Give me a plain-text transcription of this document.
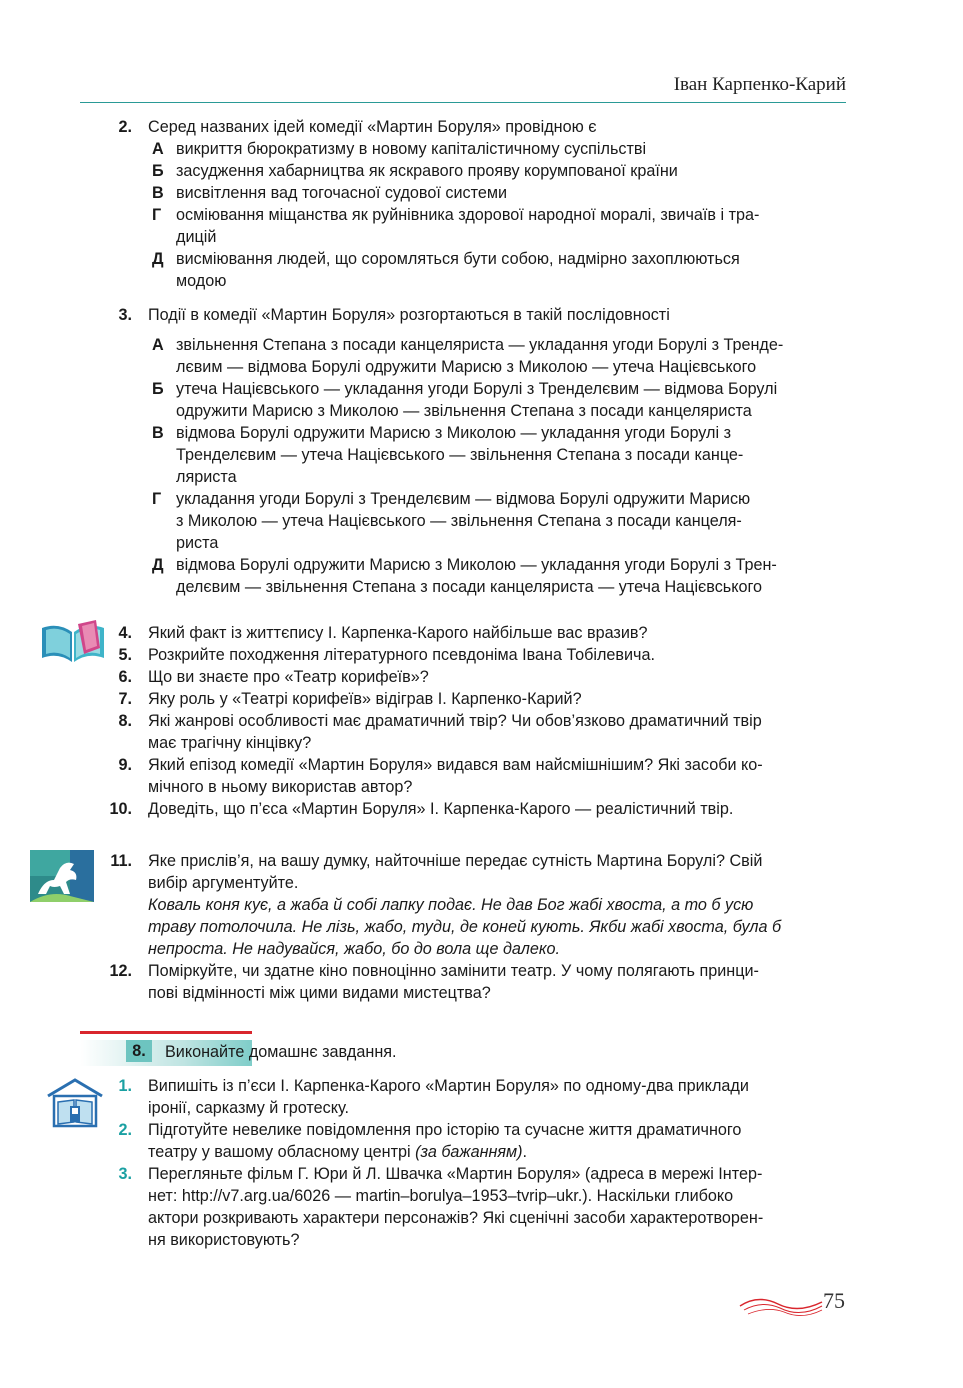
Іван Карпенко-Карий
2. Серед названих ідей комедії «Мартин Боруля» провідною є
А викриття бюрократизму в новому капіталістичному суспільстві
Б засудження хабарництва як яскравого прояву корумпованої країни
В висвітлення вад тогочасної судової системи
Г осміювання міщанства як руйнівника здорової народної моралі, звичаїв і тра-
дицій
Д висміювання людей, що соромляться бути собою, надмірно захоплюються
модою
3. Події в комедії «Мартин Боруля» розгортаються в такій послідовності
А звільнення Степана з посади канцеляриста — укладання угоди Борулі з Тренде-
лєвим — відмова Борулі одружити Марисю з Миколою — утеча Націєвського
Б утеча Націєвського — укладання угоди Борулі з Тренделєвим — відмова Борулі
одружити Марисю з Миколою — звільнення Степана з посади канцеляриста
В відмова Борулі одружити Марисю з Миколою — укладання угоди Борулі з
Тренделєвим — утеча Націєвського — звільнення Степана з посади канце-
ляриста
Г укладання угоди Борулі з Тренделєвим — відмова Борулі одружити Марисю
з Миколою — утеча Націєвського — звільнення Степана з посади канцеля-
риста
Д відмова Борулі одружити Марисю з Миколою — укладання угоди Борулі з Трен-
делєвим — звільнення Степана з посади канцеляриста — утеча Націєвського
4. Який факт із життєпису І. Карпенка-Карого найбільше вас вразив?
5. Розкрийте походження літературного псевдоніма Івана Тобілевича.
6. Що ви знаєте про «Театр корифеїв»?
7. Яку роль у «Театрі корифеїв» відіграв І. Карпенко-Карий?
8. Які жанрові особливості має драматичний твір? Чи обов’язково драматичний твір
має трагічну кінцівку?
9. Який епізод комедії «Мартин Боруля» видався вам найсмішнішим? Які засоби ко-
мічного в ньому використав автор?
10. Доведіть, що п’єса «Мартин Боруля» І. Карпенка-Карого — реалістичний твір.
11. Яке прислів’я, на вашу думку, найточніше передає сутність Мартина Борулі? Свій
вибір аргументуйте.
Коваль коня кує, а жаба й собі лапку подає. Не дав Бог жабі хвоста, а то б усю
траву потолочила. Не лізь, жабо, туди, де коней кують. Якби жабі хвоста, була б
непроста. Не надувайся, жабо, бо до вола ще далеко.
12. Поміркуйте, чи здатне кіно повноцінно замінити театр. У чому полягають принци-
пові відмінності між цими видами мистецтва?
8.	Виконайте домашнє завдання.
1. Випишіть із п’єси І. Карпенка-Карого «Мартин Боруля» по одному-два приклади
іронії, сарказму й гротеску.
2. Підготуйте невелике повідомлення про історію та сучасне життя драматичного
театру у вашому обласному центрі (за бажанням).
3. Перегляньте фільм Г. Юри й Л. Швачка «Мартин Боруля» (адреса в мережі Інтер-
нет: http://v7.arg.ua/6026 — martin–borulya–1953–tvrip–ukr.). Наскільки глибоко
актори розкривають характери персонажів? Які сценічні засоби характеротворен-
ня використовують?
75
